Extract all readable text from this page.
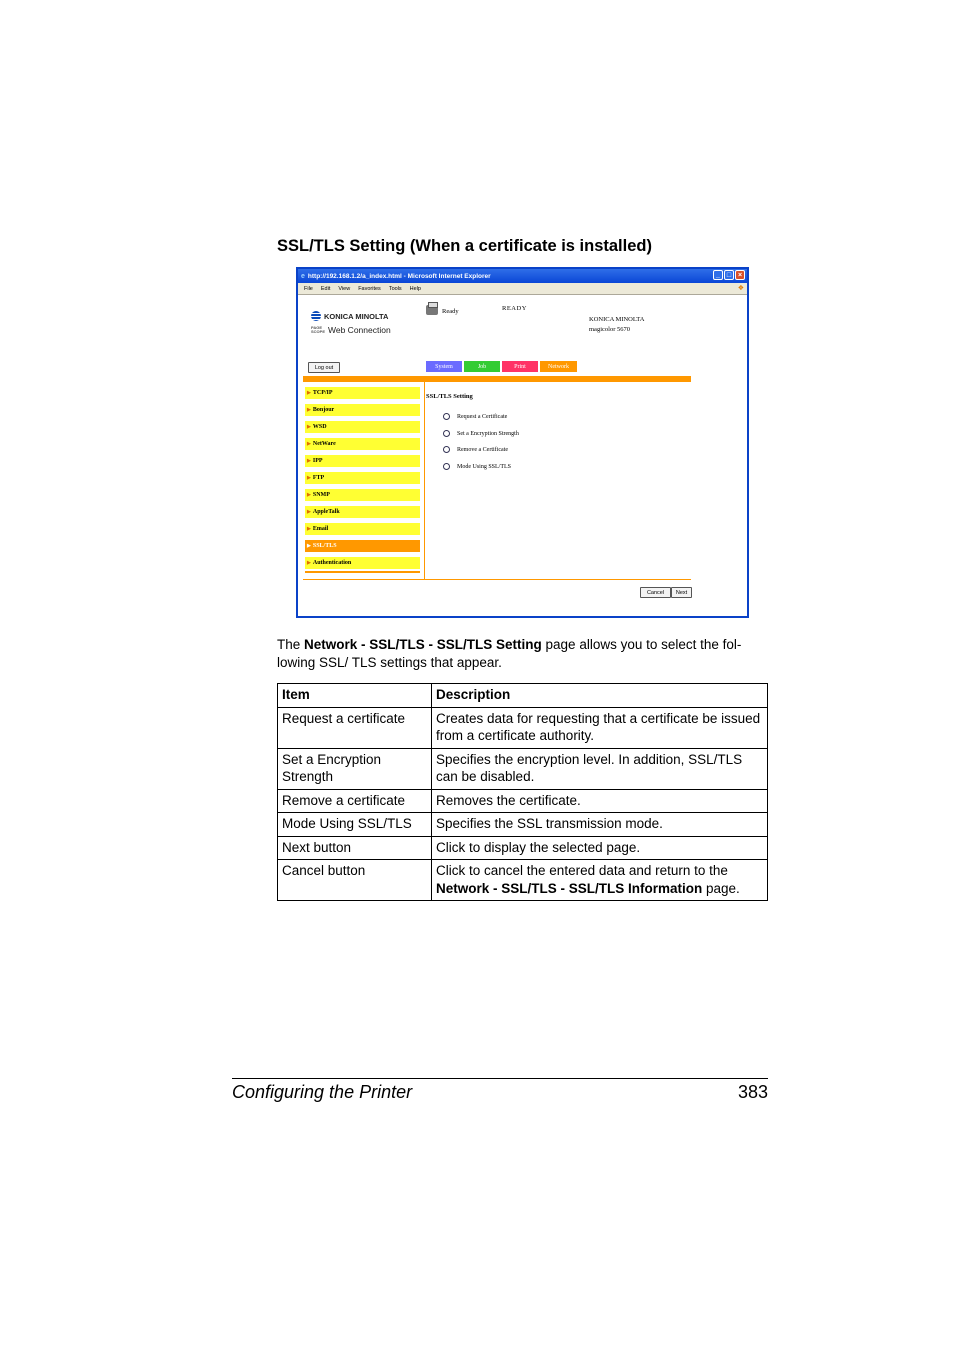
SSL/TLS Setting (When a certificate is installed)
e http://192.168.1.2/a_index.html - Microsoft Internet Explorer	_ □ ×
File Edit View Favorites Tools Help	❖
KONICA MINOLTA
PAGE SCOPE Web Connection
Ready	READY
KONICA MINOLTA
magicolor 5670
Log out	System	Job	Print	Network
▶ TCP/IP
▶ Bonjour
▶ WSD
▶ NetWare
▶ IPP
▶ FTP
▶ SNMP
▶ AppleTalk
▶ Email
▶ SSL/TLS
▶ Authentication
SSL/TLS Setting
Request a Certificate
Set a Encryption Strength
Remove a Certificate
Mode Using SSL/TLS
Cancel	Next

The Network - SSL/TLS - SSL/TLS Setting page allows you to select the fol-lowing SSL/ TLS settings that appear.

Item	Description
Request a certificate	Creates data for requesting that a certificate be issued from a certificate authority.
Set a Encryption Strength	Specifies the encryption level. In addition, SSL/TLS can be disabled.
Remove a certificate	Removes the certificate.
Mode Using SSL/TLS	Specifies the SSL transmission mode.
Next button	Click to display the selected page.
Cancel button	Click to cancel the entered data and return to the Network - SSL/TLS - SSL/TLS Information page.
Configuring the Printer	383
